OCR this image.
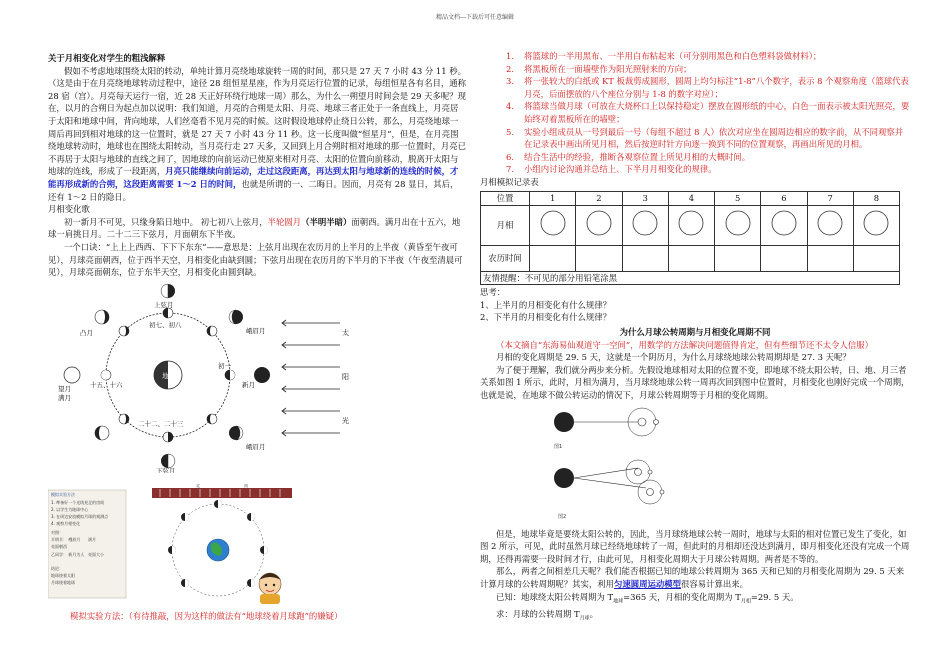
精品文档---下载后可任意编辑

关于月相变化对学生的粗浅解释

假如不考虑地球围绕太阳的转动，单纯计算月亮绕地球旋转一周的时间，那只是 27 天 7 小时 43 分 11 秒。（这是由于在月亮绕地球转动过程中，途径 28 组恒星星座，作为月亮运行位置的记录，每组恒星各有名目，通称 28 宿（宫）。月亮每天运行一宿，近 28 天正好环绕行地球一周）那么，为什么一朔望月时间会是 29 天多呢？现在，以月的合朔日为起点加以说明：我们知道，月亮的合朔是太阳、月亮、地球三者正处于一条直线上，月亮居于太阳和地球中间，背向地球，人们丝毫看不见月亮的时候。这时假设地球停止绕日公转，那么，月亮绕地球一周后再回到相对地球的这一位置时，就是 27 天 7 小时 43 分 11 秒。这一长度叫做“恒星月”，但是，在月亮围绕地球转动时，地球也在围绕太阳转动，当月亮行走 27 天多，又回到上月合朔时相对地球的那一位置时，月亮已不再居于太阳与地球的直线之间了，因地球的向前运动已使原来相对月亮、太阳的位置向前移动，脱离开太阳与地球的连线，形成了一段距离，月亮只能继续向前运动，走过这段距离，再达到太阳与地球新的连线的时候，才能再形成新的合朔，这段距离需要 1～2 日的时间，也就是所谓的一、二晦日。因而，月亮有 28 显日，其后，还有 1～2 日的隐日。

月相变化歌

初一新月不可见，只缘身陷日地中。 初七初八上弦月，半轮圆月（半明半暗）面朝西。满月出在十五六，地球一肩挑日月。二十二三下弦月，月面朝东下半夜。

一个口诀：“上上上西西、下下下东东”——意思是：上弦月出现在农历月的上半月的上半夜（黄昏至午夜可见），月球亮面朝西，位于西半天空，月相变化由缺到圆；下弦月出现在农历月的下半月的下半夜（午夜至清晨可见），月球亮面朝东，位于东半天空，月相变化由圆到缺。

地球
上弦月
初七、初八
凸月
新月
初一
望月	十五、十六
满月
二十二、二十三
下弦月
峨眉月
峨眉月
太
阳
光
模拟实验方法
1. 準备好一个光线充足的房间
2. 以学生为地球中心
3. 在周边安放模拟月球的观测点
4. 观察月相变化
对照：
半明半： 峨眉月 满月
亮面朝西
乙同学： 新月为人 亮面大小
结论：
地球绕着太阳
月球绕着地球
北	南
模拟实验方法：（有待推敲，因为这样的做法有“地球绕着月球跑”的嫌疑）
1.	将篮球的一半用黑布、一半用白布粘起来（可分别用黑色和白色塑料袋做材料）；
2.	将黑板所在一面墙壁作为阳光照射来的方向；
3.	将一张较大的白纸或 KT 板裁剪成圆形，圆周上均匀标注“1-8”八个数字，表示 8 个观察角度（篮球代表月亮，后面摆放的八个座位分别与 1-8 的数字对应）；
4.	将篮球当做月球（可放在大烧杯口上以保持稳定）摆放在圆形纸的中心，白色一面表示被太阳光照亮，要始终对着黑板所在的墙壁；
5.	实验小组成员从一号到最后一号（每组不超过 8 人）依次对应坐在圆周边相应的数字前，从不同观察并在记录表中画出所见月相，然后按逆时针方向逐一换到不同的位置观察，再画出所见的月相。
6.	结合生活中的经验，推断各观察位置上所见月相的大概时间。
7.	小组内讨论沟通并总结上、下半月月相变化的规律。

月相模拟记录表

位置	1	2	3	4	5	6	7	8
月相								
农历时间								
友情提醒：不可见的部分用铅笔涂黑								

思考：

1、上半月的月相变化有什么规律？

2、下半月的月相变化有什么规律？

为什么月球公转周期与月相变化周期不同

（本文摘自“东海易仙观道守一空间”，用数学的方法解决问题值得肯定，但有些细节还不太令人信服）

月相的变化周期是 29. 5 天，这就是一个阴历月，为什么月球绕地球公转周期却是 27. 3 天呢？

为了便于理解，我们就分两步来分析。先假设地球相对太阳的位置不变，即地球不绕太阳公转，日、地、月三者关系如图 1 所示，此时，月相为满月，当月球绕地球公转一周再次回到图中位置时，月相变化也刚好完成一个周期，也就是说，在地球不做公转运动的情况下，月球公转周期等于月相的变化周期。

图1

图2

但是，地球毕竟是要绕太阳公转的，因此，当月球绕地球公转一周时，地球与太阳的相对位置已发生了变化，如图 2 所示，可见，此时虽然月球已经绕地球转了一周，但此时的月相却还没达到满月，即月相变化还没有完成一个周期，还得再需要一段时间才行，由此可见，月相变化周期大于月球公转周期。两者是不等的。

那么，两者之间相差几天呢？我们能否根据已知的地球公转周期为 365 天和已知的月相变化周期为 29. 5 天来计算月球的公转周期呢？其实，利用匀速圆周运动模型很容易计算出来。

已知：地球绕太阳公转周期为 $T_{地球}=365$ 天，月相的变化周期为 $T_{月相}=29$. 5 天。

求：月球的公转周期 $T_{月球}$。
